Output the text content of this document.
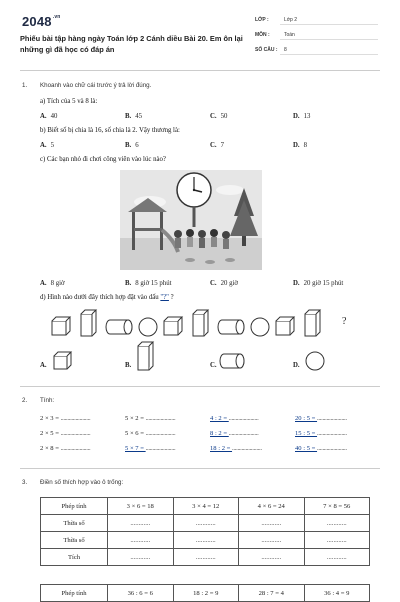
$2048^{.vn}$
Phiếu bài tập hàng ngày Toán lớp 2 Cánh diều Bài 20. Em ôn lại những gì đã học có đáp án
LỚP :	Lớp 2
MÔN :	Toán
SỐ CÂU : 8
1. Khoanh vào chữ cái trước ý trả lời đúng.
a) Tích của 5 và 8 là:
A. 40	B. 45	C. 50	D. 13
b) Biết số bị chia là 16, số chia là 2. Vậy thương là:
A. 5	B. 6	C. 7	D. 8
c) Các bạn nhỏ đi chơi công viên vào lúc nào?
A. 8 giờ	B. 8 giờ 15 phút	C. 20 giờ	D. 20 giờ 15 phút
d) Hình nào dưới đây thích hợp đặt vào dấu "?" ?
?
A.	B.	C.	D.
2. Tính:
2 × 3 = ......................	5 × 2 = ......................	4 : 2 = ......................	20 : 5 = ......................
2 × 5 = ......................	5 × 6 = ......................	8 : 2 = ......................	15 : 5 = ......................
2 × 8 = ......................	5 × 7 = ......................	18 : 2 = ......................	40 : 5 = ......................
3. Điền số thích hợp vào ô trống:
Phép tính	3 × 6 = 18	3 × 4 = 12	4 × 6 = 24	7 × 8 = 56
Thừa số	............	............	............	............
Thừa số	............	............	............	............
Tích	............	............	............	............
Phép tính	36 : 6 = 6	18 : 2 = 9	28 : 7 = 4	36 : 4 = 9
